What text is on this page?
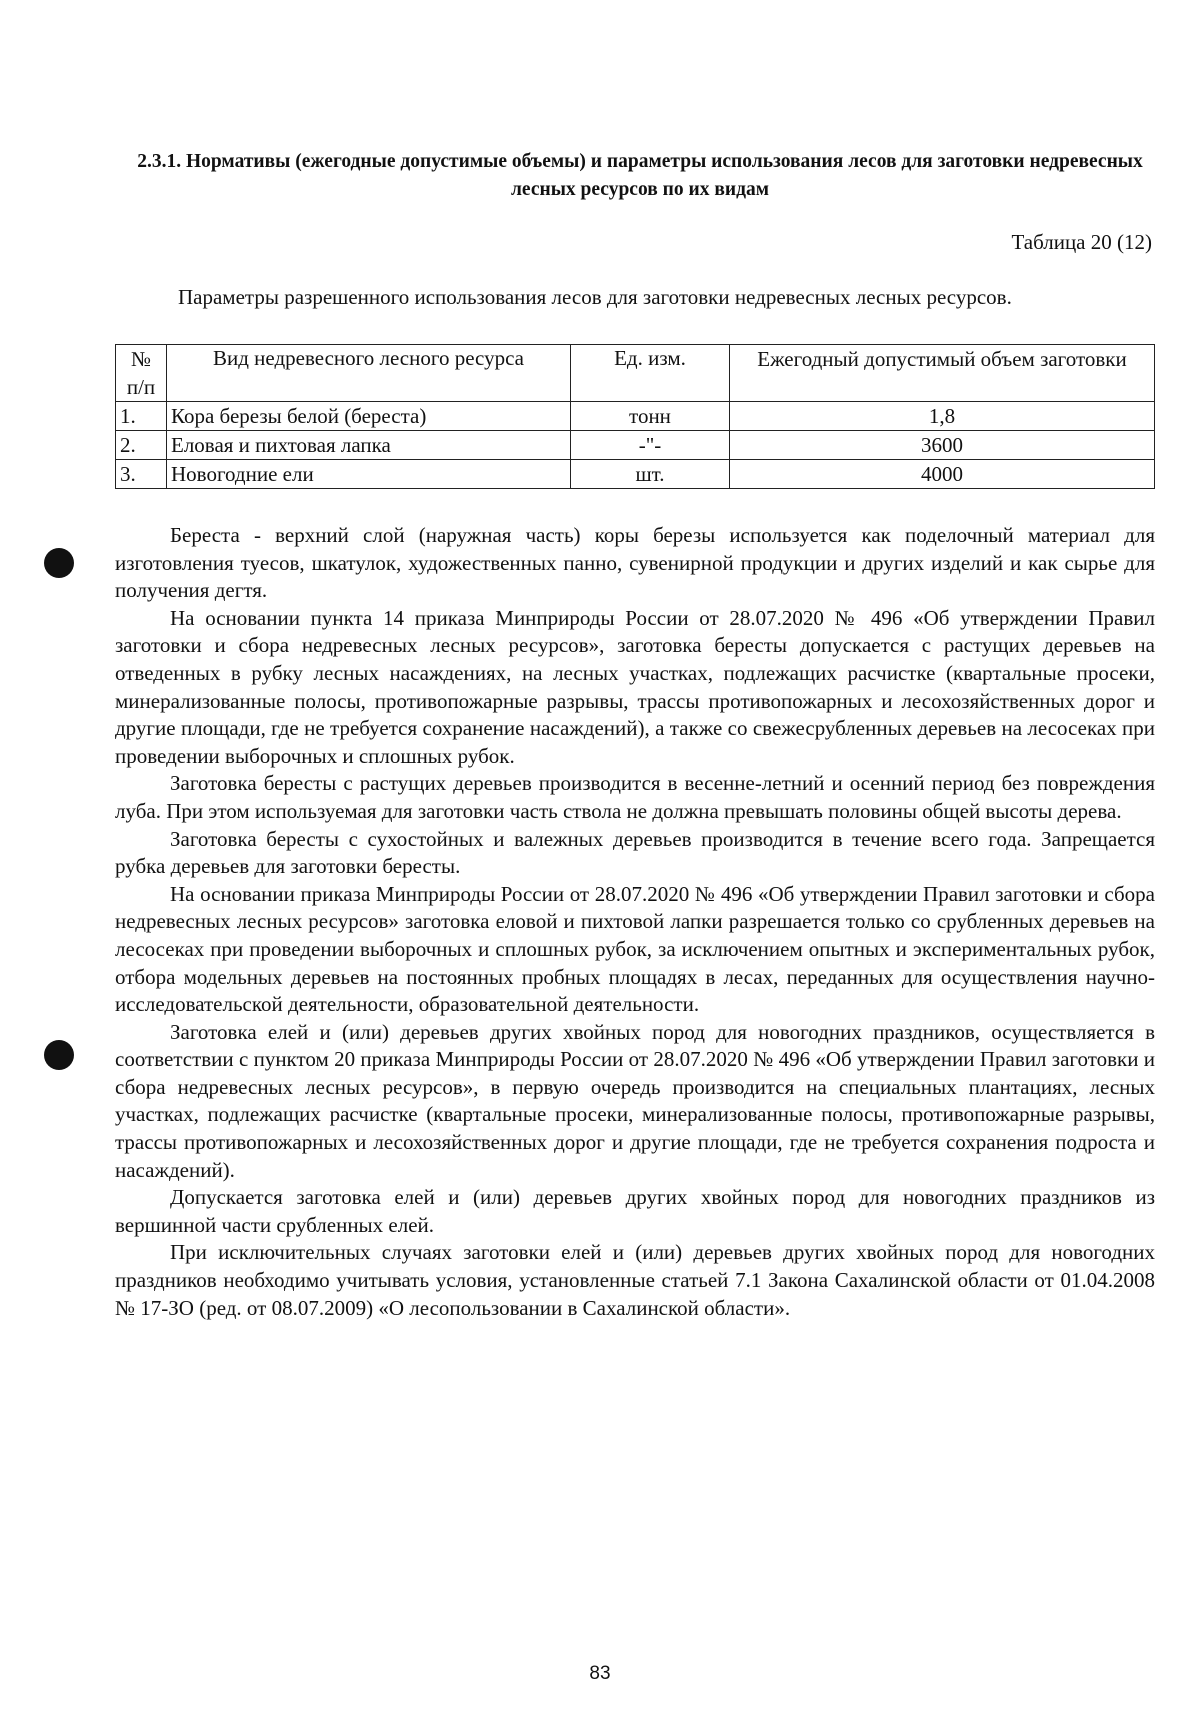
2.3.1. Нормативы (ежегодные допустимые объемы) и параметры использования лесов для заготовки недревесных лесных ресурсов по их видам

Таблица 20 (12)

Параметры разрешенного использования лесов для заготовки недревесных лесных ресурсов.

№ п/п	Вид недревесного лесного ресурса	Ед. изм.	Ежегодный допустимый объем заготовки
1.	Кора березы белой (береста)	тонн	1,8
2.	Еловая и пихтовая лапка	-"-	3600
3.	Новогодние ели	шт.	4000

Береста - верхний слой (наружная часть) коры березы используется как поделочный материал для изготовления туесов, шкатулок, художественных панно, сувенирной продукции и других изделий и как сырье для получения дегтя.

На основании пункта 14 приказа Минприроды России от 28.07.2020 № 496 «Об утверждении Правил заготовки и сбора недревесных лесных ресурсов», заготовка бересты допускается с растущих деревьев на отведенных в рубку лесных насаждениях, на лесных участках, подлежащих расчистке (квартальные просеки, минерализованные полосы, противопожарные разрывы, трассы противопожарных и лесохозяйственных дорог и другие площади, где не требуется сохранение насаждений), а также со свежесрубленных деревьев на лесосеках при проведении выборочных и сплошных рубок.

Заготовка бересты с растущих деревьев производится в весенне-летний и осенний период без повреждения луба. При этом используемая для заготовки часть ствола не должна превышать половины общей высоты дерева.

Заготовка бересты с сухостойных и валежных деревьев производится в течение всего года. Запрещается рубка деревьев для заготовки бересты.

На основании приказа Минприроды России от 28.07.2020 № 496 «Об утверждении Правил заготовки и сбора недревесных лесных ресурсов» заготовка еловой и пихтовой лапки разрешается только со срубленных деревьев на лесосеках при проведении выборочных и сплошных рубок, за исключением опытных и экспериментальных рубок, отбора модельных деревьев на постоянных пробных площадях в лесах, переданных для осуществления научно-исследовательской деятельности, образовательной деятельности.

Заготовка елей и (или) деревьев других хвойных пород для новогодних праздников, осуществляется в соответствии с пунктом 20 приказа Минприроды России от 28.07.2020 № 496 «Об утверждении Правил заготовки и сбора недревесных лесных ресурсов», в первую очередь производится на специальных плантациях, лесных участках, подлежащих расчистке (квартальные просеки, минерализованные полосы, противопожарные разрывы, трассы противопожарных и лесохозяйственных дорог и другие площади, где не требуется сохранения подроста и насаждений).

Допускается заготовка елей и (или) деревьев других хвойных пород для новогодних праздников из вершинной части срубленных елей.

При исключительных случаях заготовки елей и (или) деревьев других хвойных пород для новогодних праздников необходимо учитывать условия, установленные статьей 7.1 Закона Сахалинской области от 01.04.2008 № 17-ЗО (ред. от 08.07.2009) «О лесопользовании в Сахалинской области».

83
